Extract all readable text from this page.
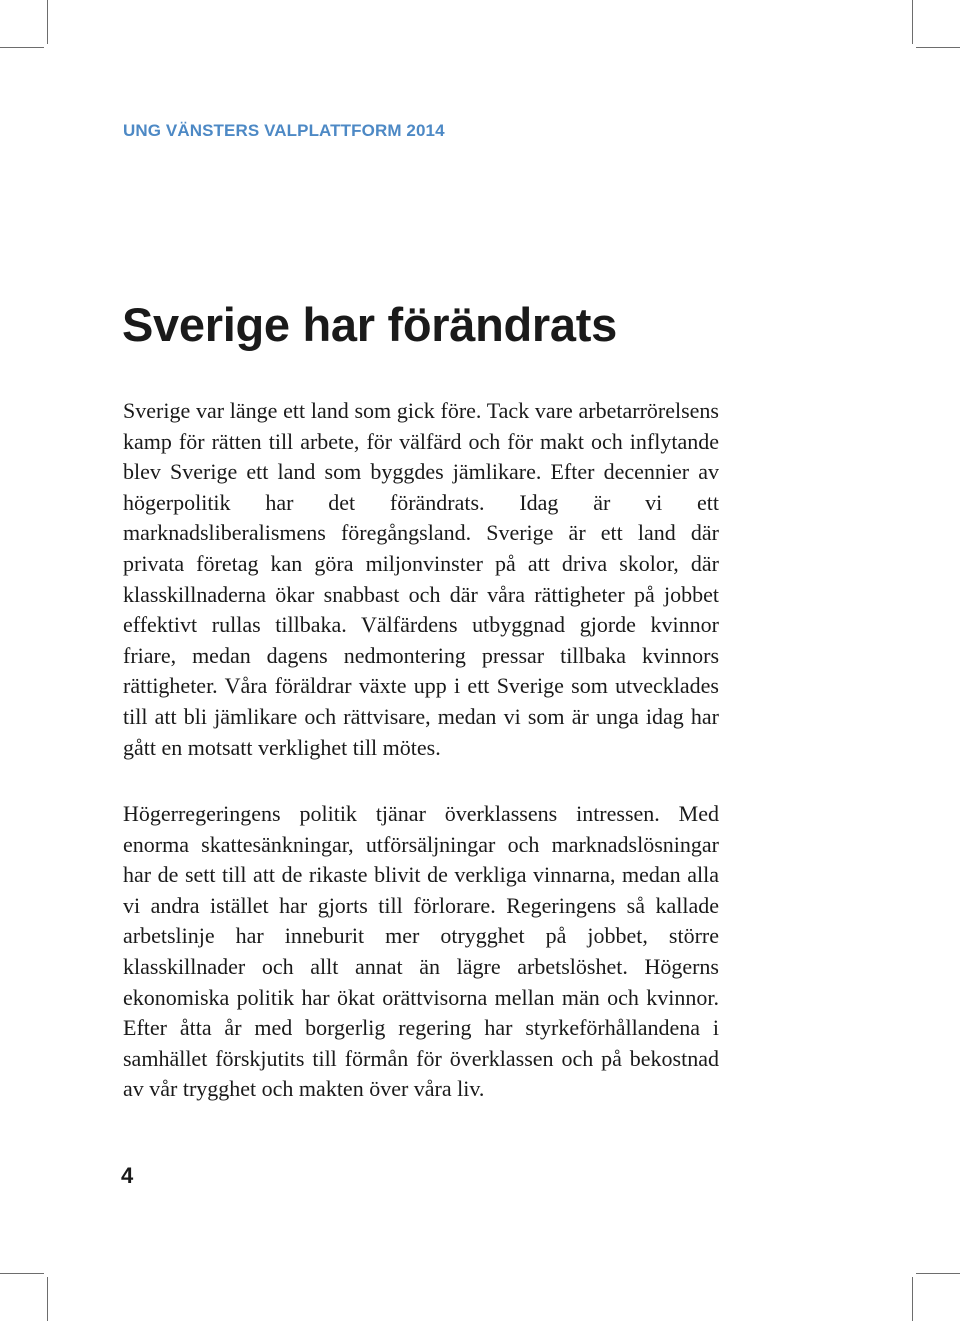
UNG VÄNSTERS VALPLATTFORM 2014
Sverige har förändrats

Sverige var länge ett land som gick före. Tack vare arbetarrörelsens kamp för rätten till arbete, för välfärd och för makt och inflytande blev Sverige ett land som byggdes jämlikare. Efter decennier av högerpolitik har det förändrats. Idag är vi ett marknadsliberalismens föregångsland. Sverige är ett land där privata företag kan göra miljonvinster på att driva skolor, där klasskillnaderna ökar snabbast och där våra rättigheter på jobbet effektivt rullas tillbaka. Välfärdens utbyggnad gjorde kvinnor friare, medan dagens nedmontering pressar tillbaka kvinnors rättigheter. Våra föräldrar växte upp i ett Sverige som utvecklades till att bli jämlikare och rättvisare, medan vi som är unga idag har gått en motsatt verklighet till mötes.

Högerregeringens politik tjänar överklassens intressen. Med enorma skattesänkningar, utförsäljningar och marknadslösningar har de sett till att de rikaste blivit de verkliga vinnarna, medan alla vi andra istället har gjorts till förlorare. Regeringens så kallade arbetslinje har inneburit mer otrygghet på jobbet, större klasskillnader och allt annat än lägre arbetslöshet. Högerns ekonomiska politik har ökat orättvisorna mellan män och kvinnor. Efter åtta år med borgerlig regering har styrkeförhållandena i samhället förskjutits till förmån för överklassen och på bekostnad av vår trygghet och makten över våra liv.

4
